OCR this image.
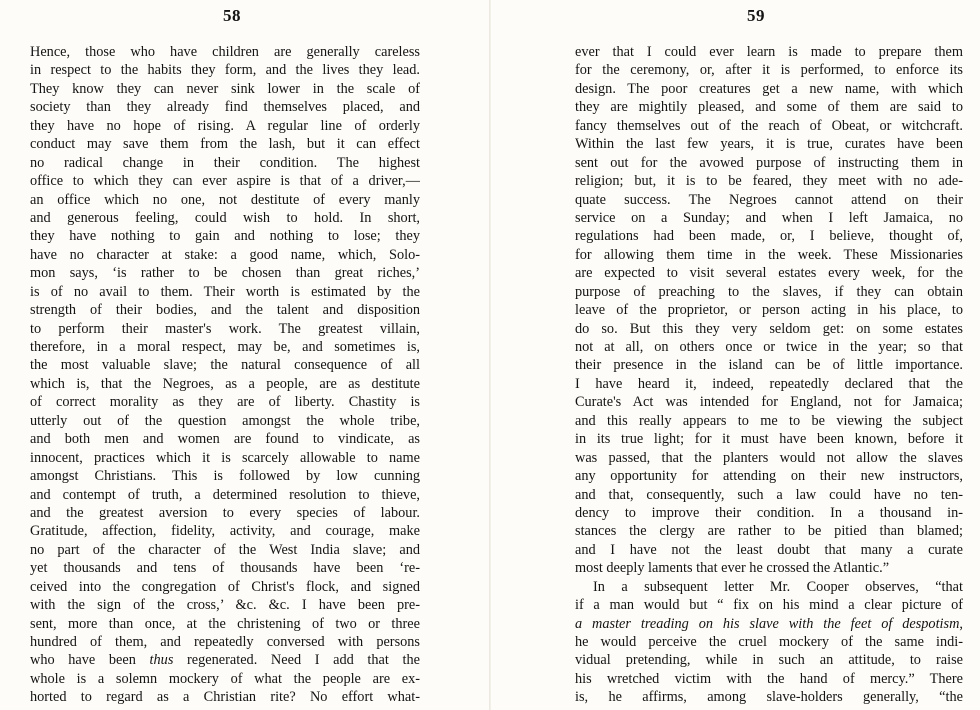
58
Hence, those who have children are generally careless
in respect to the habits they form, and the lives they lead.
They know they can never sink lower in the scale of
society than they already find themselves placed, and
they have no hope of rising. A regular line of orderly
conduct may save them from the lash, but it can effect
no radical change in their condition. The highest
office to which they can ever aspire is that of a driver,—
an office which no one, not destitute of every manly
and generous feeling, could wish to hold. In short,
they have nothing to gain and nothing to lose; they
have no character at stake: a good name, which, Solo-
mon says, ‘is rather to be chosen than great riches,’
is of no avail to them. Their worth is estimated by the
strength of their bodies, and the talent and disposition
to perform their master's work. The greatest villain,
therefore, in a moral respect, may be, and sometimes is,
the most valuable slave; the natural consequence of all
which is, that the Negroes, as a people, are as destitute
of correct morality as they are of liberty. Chastity is
utterly out of the question amongst the whole tribe,
and both men and women are found to vindicate, as
innocent, practices which it is scarcely allowable to name
amongst Christians. This is followed by low cunning
and contempt of truth, a determined resolution to thieve,
and the greatest aversion to every species of labour.
Gratitude, affection, fidelity, activity, and courage, make
no part of the character of the West India slave; and
yet thousands and tens of thousands have been ‘re-
ceived into the congregation of Christ's flock, and signed
with the sign of the cross,’ &c. &c. I have been pre-
sent, more than once, at the christening of two or three
hundred of them, and repeatedly conversed with persons
who have been thus regenerated. Need I add that the
whole is a solemn mockery of what the people are ex-
horted to regard as a Christian rite? No effort what-
59
ever that I could ever learn is made to prepare them
for the ceremony, or, after it is performed, to enforce its
design. The poor creatures get a new name, with which
they are mightily pleased, and some of them are said to
fancy themselves out of the reach of Obeat, or witchcraft.
Within the last few years, it is true, curates have been
sent out for the avowed purpose of instructing them in
religion; but, it is to be feared, they meet with no ade-
quate success. The Negroes cannot attend on their
service on a Sunday; and when I left Jamaica, no
regulations had been made, or, I believe, thought of,
for allowing them time in the week. These Missionaries
are expected to visit several estates every week, for the
purpose of preaching to the slaves, if they can obtain
leave of the proprietor, or person acting in his place, to
do so. But this they very seldom get: on some estates
not at all, on others once or twice in the year; so that
their presence in the island can be of little importance.
I have heard it, indeed, repeatedly declared that the
Curate's Act was intended for England, not for Jamaica;
and this really appears to me to be viewing the subject
in its true light; for it must have been known, before it
was passed, that the planters would not allow the slaves
any opportunity for attending on their new instructors,
and that, consequently, such a law could have no ten-
dency to improve their condition. In a thousand in-
stances the clergy are rather to be pitied than blamed;
and I have not the least doubt that many a curate
most deeply laments that ever he crossed the Atlantic.”
In a subsequent letter Mr. Cooper observes, “that
if a man would but “ fix on his mind a clear picture of
a master treading on his slave with the feet of despotism,
he would perceive the cruel mockery of the same indi-
vidual pretending, while in such an attitude, to raise
his wretched victim with the hand of mercy.” There
is, he affirms, among slave-holders generally, “the
